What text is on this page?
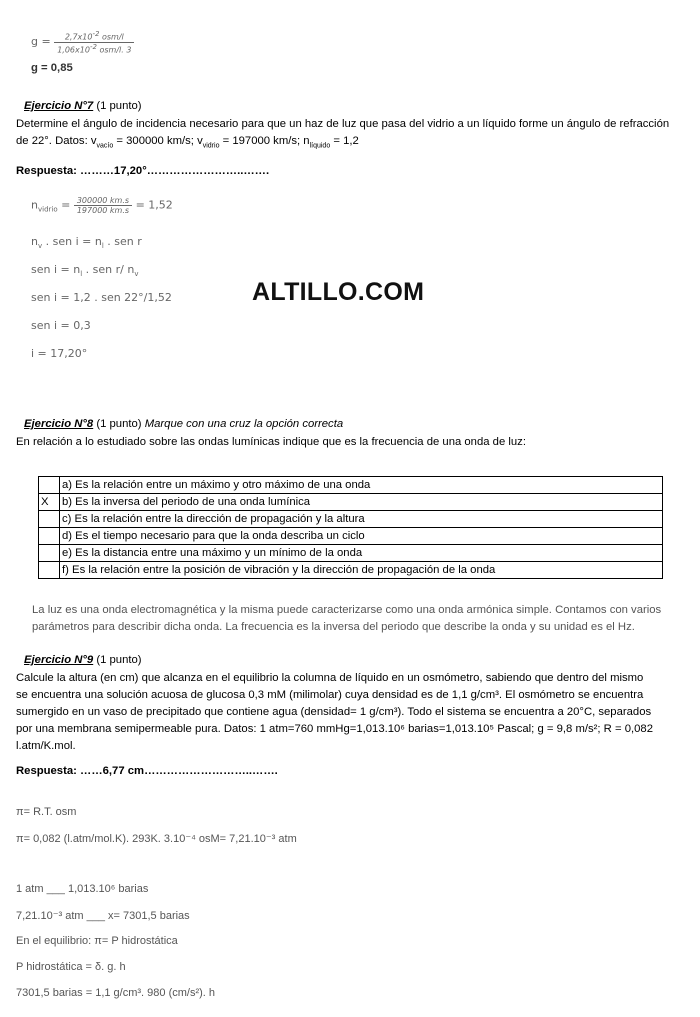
$g = \frac{2,7x10^{-2} osm/l}{1,06x10^{-2} osm/l. 3}$
g = 0,85
Ejercicio N°7 (1 punto)
Determine el ángulo de incidencia necesario para que un haz de luz que pasa del vidrio a un líquido forme un ángulo de refracción
de 22°. Datos: $v_{vacío} = 300000$ km/s; $v_{vidrio} = 197000$ km/s; $n_{líquido} = 1,2$
Respuesta: ………17,20°……………………..…….
$n_{vidrio} = \frac{300000 km.s}{197000 km.s} = 1,52$
$n_v$ . sen $i = n_l$ . sen r
sen $i = n_l$ . sen r/ $n_v$
sen i = 1,2 . sen 22°/1,52
sen i = 0,3
i = 17,20°
ALTILLO.COM
Ejercicio N°8 (1 punto) Marque con una cruz la opción correcta
En relación a lo estudiado sobre las ondas lumínicas indique que es la frecuencia de una onda de luz:
	a) Es la relación entre un máximo y otro máximo de una onda
X	b) Es la inversa del periodo de una onda lumínica
	c) Es la relación entre la dirección de propagación y la altura
	d) Es el tiempo necesario para que la onda describa un ciclo
	e) Es la distancia entre una máximo y un mínimo de la onda
	f) Es la relación entre la posición de vibración y la dirección de propagación de la onda
La luz es una onda electromagnética y la misma puede caracterizarse como una onda armónica simple. Contamos con varios
parámetros para describir dicha onda. La frecuencia es la inversa del periodo que describe la onda y su unidad es el Hz.
Ejercicio N°9 (1 punto)
Calcule la altura (en cm) que alcanza en el equilibrio la columna de líquido en un osmómetro, sabiendo que dentro del mismo
se encuentra una solución acuosa de glucosa 0,3 mM (milimolar) cuya densidad es de 1,1 g/cm³. El osmómetro se encuentra
sumergido en un vaso de precipitado que contiene agua (densidad= 1 g/cm³). Todo el sistema se encuentra a 20°C, separados
por una membrana semipermeable pura. Datos: 1 atm=760 mmHg=1,013.10⁶ barias=1,013.10⁵ Pascal; g = 9,8 m/s²; R = 0,082
l.atm/K.mol.
Respuesta: ……6,77 cm………………………..…….
π= R.T. osm
π= 0,082 (l.atm/mol.K). 293K. 3.10⁻⁴ osM= 7,21.10⁻³ atm
1 atm ___ 1,013.10⁶ barias
7,21.10⁻³ atm ___ x= 7301,5 barias
En el equilibrio: π= P hidrostática
P hidrostática = δ. g. h
7301,5 barias = 1,1 g/cm³. 980 (cm/s²). h
